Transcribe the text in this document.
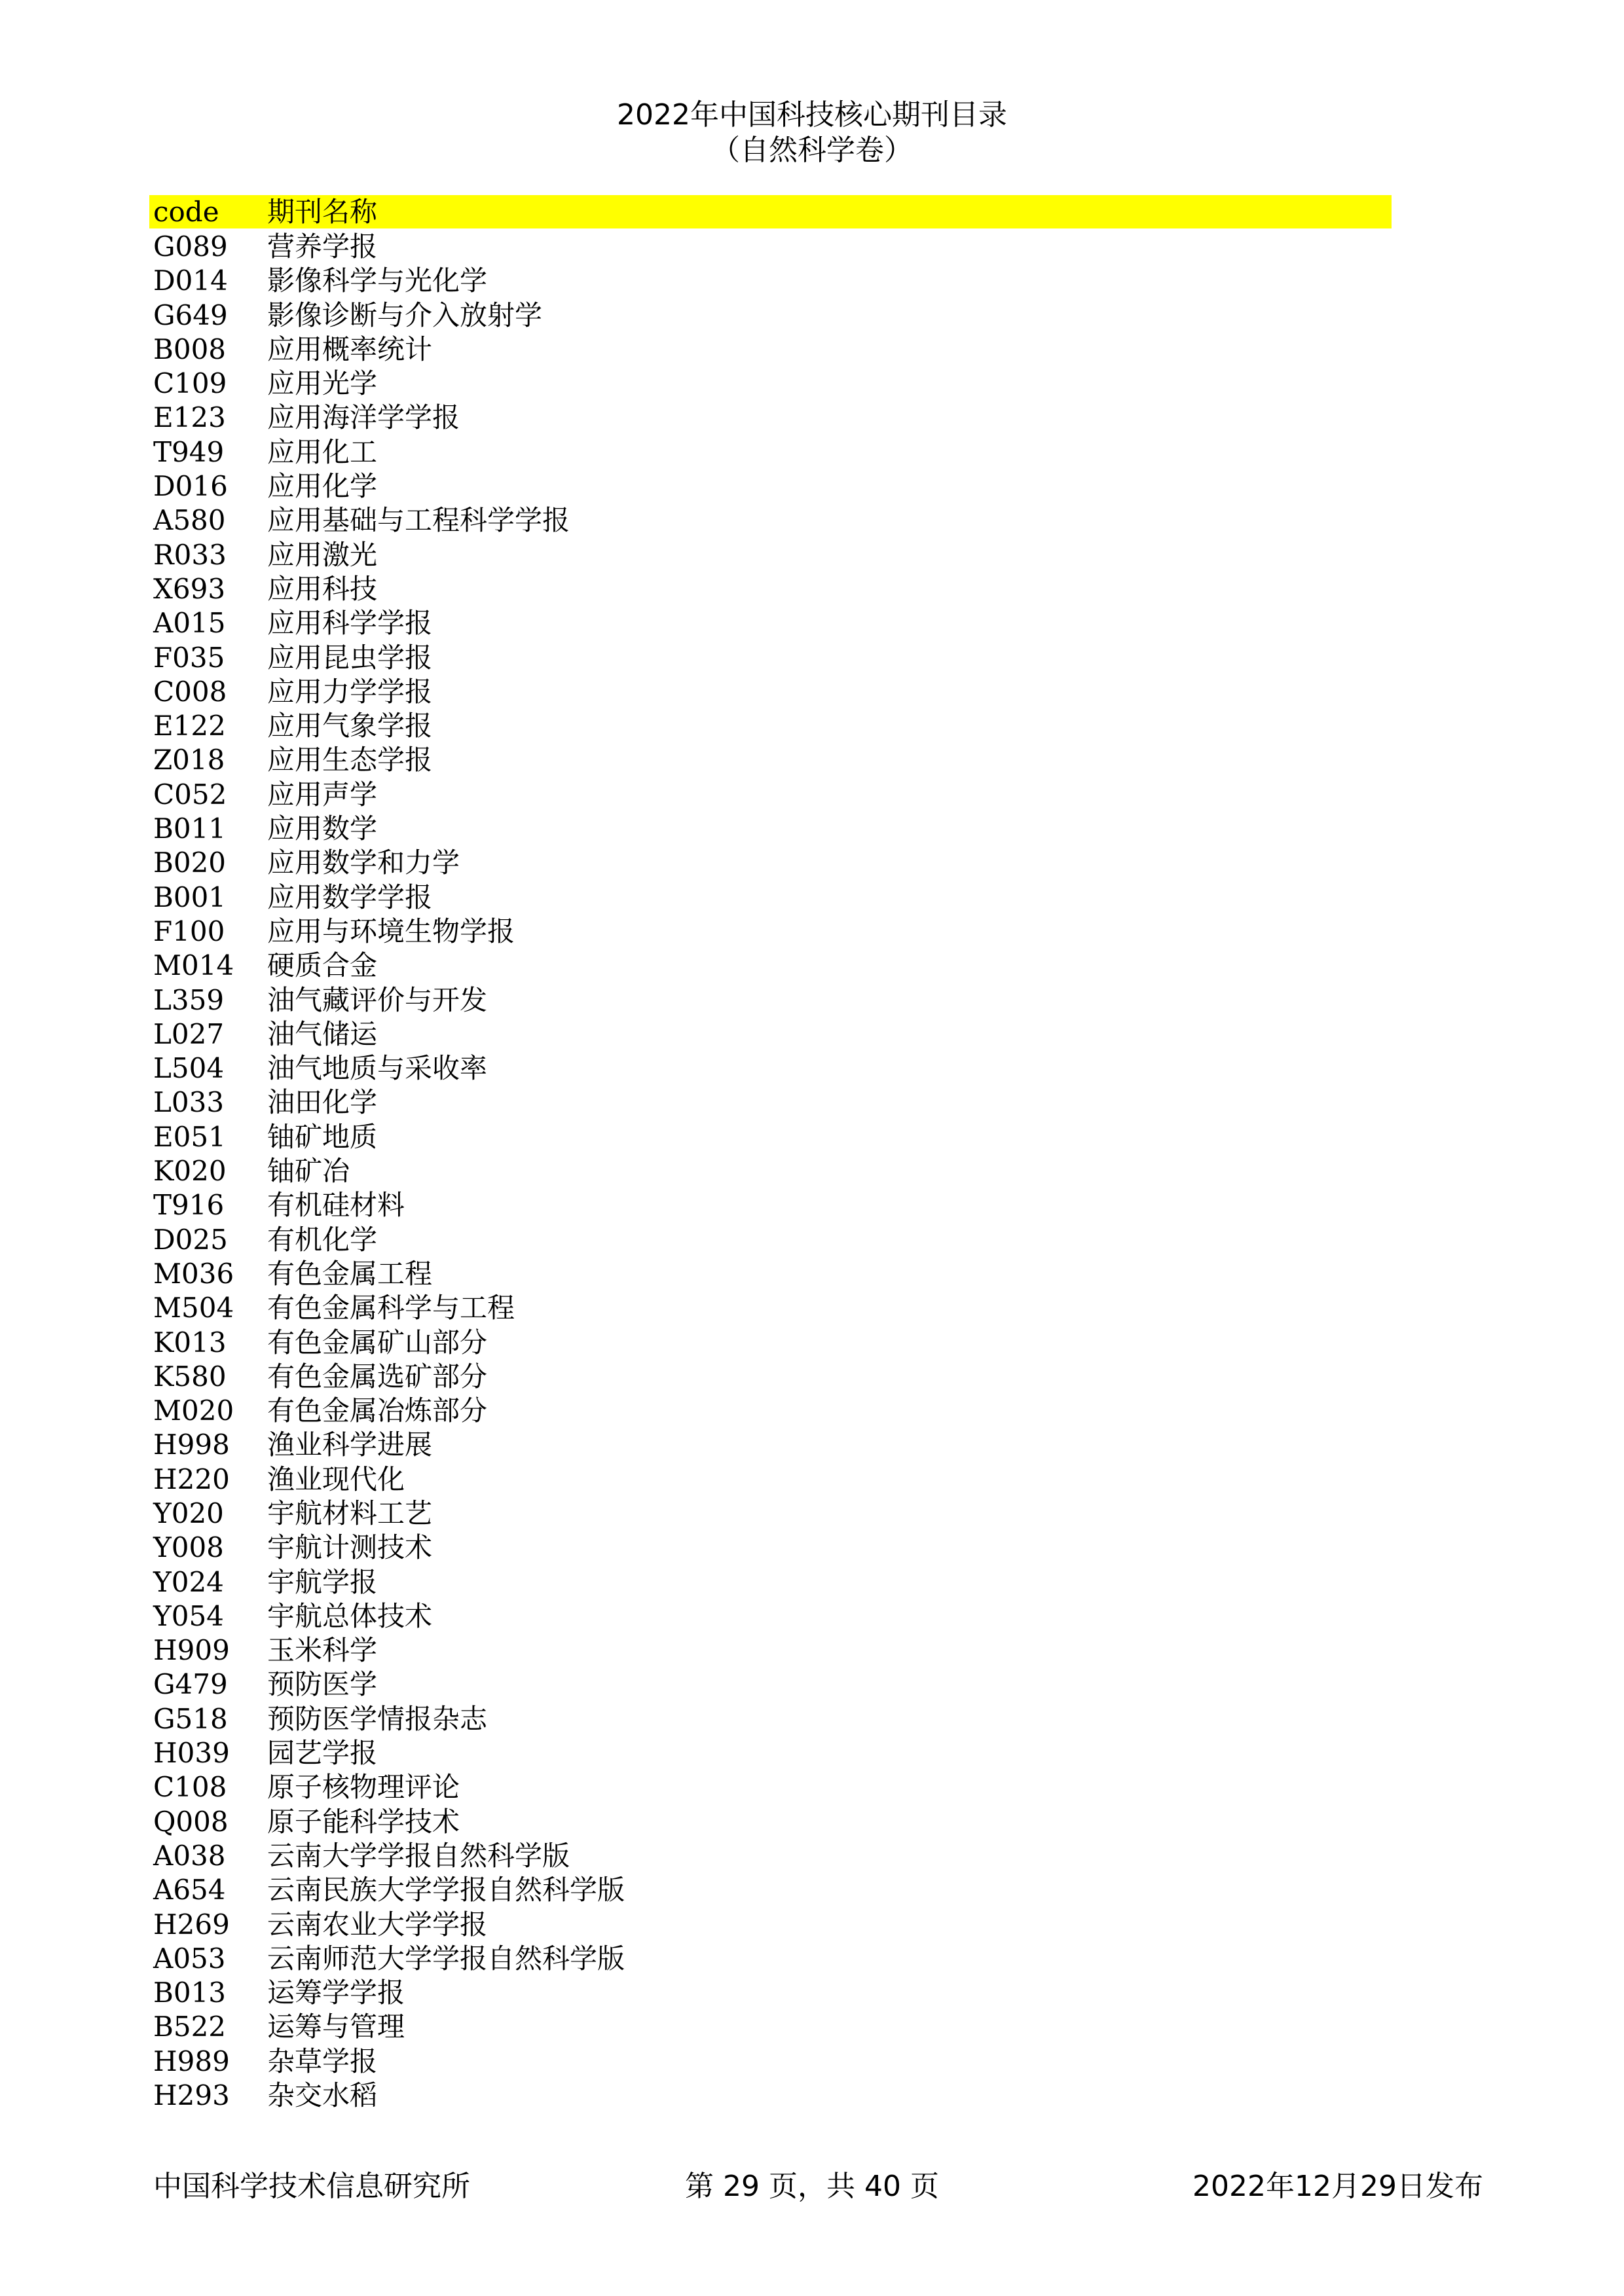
2022年中国科技核心期刊目录
（自然科学卷）
code 期刊名称
G089 营养学报
D014 影像科学与光化学
G649 影像诊断与介入放射学
B008 应用概率统计
C109 应用光学
E123 应用海洋学学报
T949 应用化工
D016 应用化学
A580 应用基础与工程科学学报
R033 应用激光
X693 应用科技
A015 应用科学学报
F035 应用昆虫学报
C008 应用力学学报
E122 应用气象学报
Z018 应用生态学报
C052 应用声学
B011 应用数学
B020 应用数学和力学
B001 应用数学学报
F100 应用与环境生物学报
M014 硬质合金
L359 油气藏评价与开发
L027 油气储运
L504 油气地质与采收率
L033 油田化学
E051 铀矿地质
K020 铀矿冶
T916 有机硅材料
D025 有机化学
M036 有色金属工程
M504 有色金属科学与工程
K013 有色金属矿山部分
K580 有色金属选矿部分
M020 有色金属冶炼部分
H998 渔业科学进展
H220 渔业现代化
Y020 宇航材料工艺
Y008 宇航计测技术
Y024 宇航学报
Y054 宇航总体技术
H909 玉米科学
G479 预防医学
G518 预防医学情报杂志
H039 园艺学报
C108 原子核物理评论
Q008 原子能科学技术
A038 云南大学学报自然科学版
A654 云南民族大学学报自然科学版
H269 云南农业大学学报
A053 云南师范大学学报自然科学版
B013 运筹学学报
B522 运筹与管理
H989 杂草学报
H293 杂交水稻
中国科学技术信息研究所	第 29 页，共 40 页	2022年12月29日发布
